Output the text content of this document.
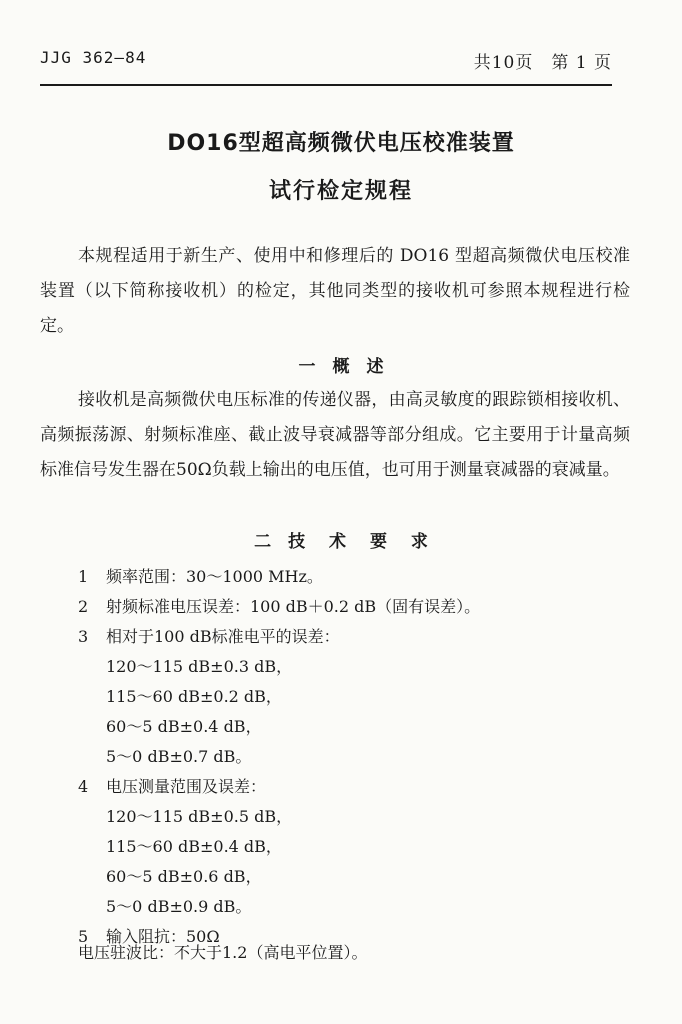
JJG 362—84	共10页　第 1 页
DO16型超高频微伏电压校准装置
试行检定规程

本规程适用于新生产、使用中和修理后的 DO16 型超高频微伏电压校准装置（以下简称接收机）的检定，其他同类型的接收机可参照本规程进行检定。

一　概　述

接收机是高频微伏电压标准的传递仪器，由高灵敏度的跟踪锁相接收机、高频振荡源、射频标准座、截止波导衰减器等部分组成。它主要用于计量高频标准信号发生器在50Ω负载上输出的电压值，也可用于测量衰减器的衰减量。

二　技 术 要 求
1 频率范围：30～1000 MHz。
2 射频标准电压误差：100 dB＋0.2 dB（固有误差）。
3 相对于100 dB标准电平的误差：
120～115 dB±0.3 dB，
115～60 dB±0.2 dB，
60～5 dB±0.4 dB，
5～0 dB±0.7 dB。
4 电压测量范围及误差：
120～115 dB±0.5 dB，
115～60 dB±0.4 dB，
60～5 dB±0.6 dB，
5～0 dB±0.9 dB。
5 输入阻抗：50Ω
电压驻波比：不大于1.2（高电平位置）。
